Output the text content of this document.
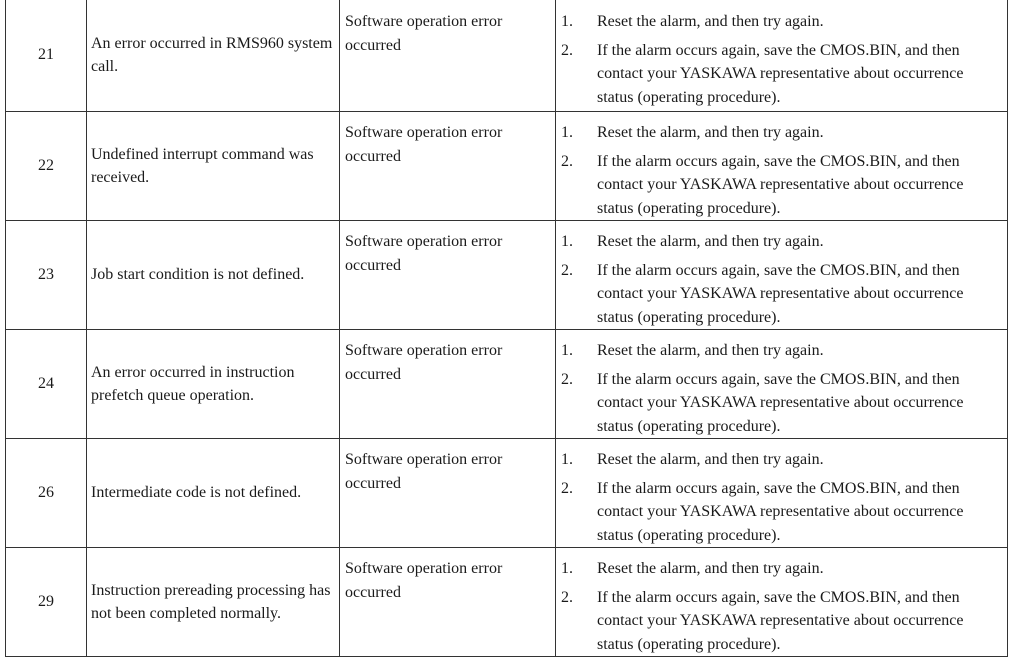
21	An error occurred in RMS960 system call.	Software operation error occurred	1. Reset the alarm, and then try again.
2. If the alarm occurs again, save the CMOS.BIN, and then contact your YASKAWA representative about occurrence status (operating procedure).

22	Undefined interrupt command was received.	Software operation error occurred	1. Reset the alarm, and then try again.
2. If the alarm occurs again, save the CMOS.BIN, and then contact your YASKAWA representative about occurrence status (operating procedure).

23	Job start condition is not defined.	Software operation error occurred	1. Reset the alarm, and then try again.
2. If the alarm occurs again, save the CMOS.BIN, and then contact your YASKAWA representative about occurrence status (operating procedure).

24	An error occurred in instruction prefetch queue operation.	Software operation error occurred	1. Reset the alarm, and then try again.
2. If the alarm occurs again, save the CMOS.BIN, and then contact your YASKAWA representative about occurrence status (operating procedure).

26	Intermediate code is not defined.	Software operation error occurred	1. Reset the alarm, and then try again.
2. If the alarm occurs again, save the CMOS.BIN, and then contact your YASKAWA representative about occurrence status (operating procedure).

29	Instruction prereading processing has not been completed normally.	Software operation error occurred	1. Reset the alarm, and then try again.
2. If the alarm occurs again, save the CMOS.BIN, and then contact your YASKAWA representative about occurrence status (operating procedure).
